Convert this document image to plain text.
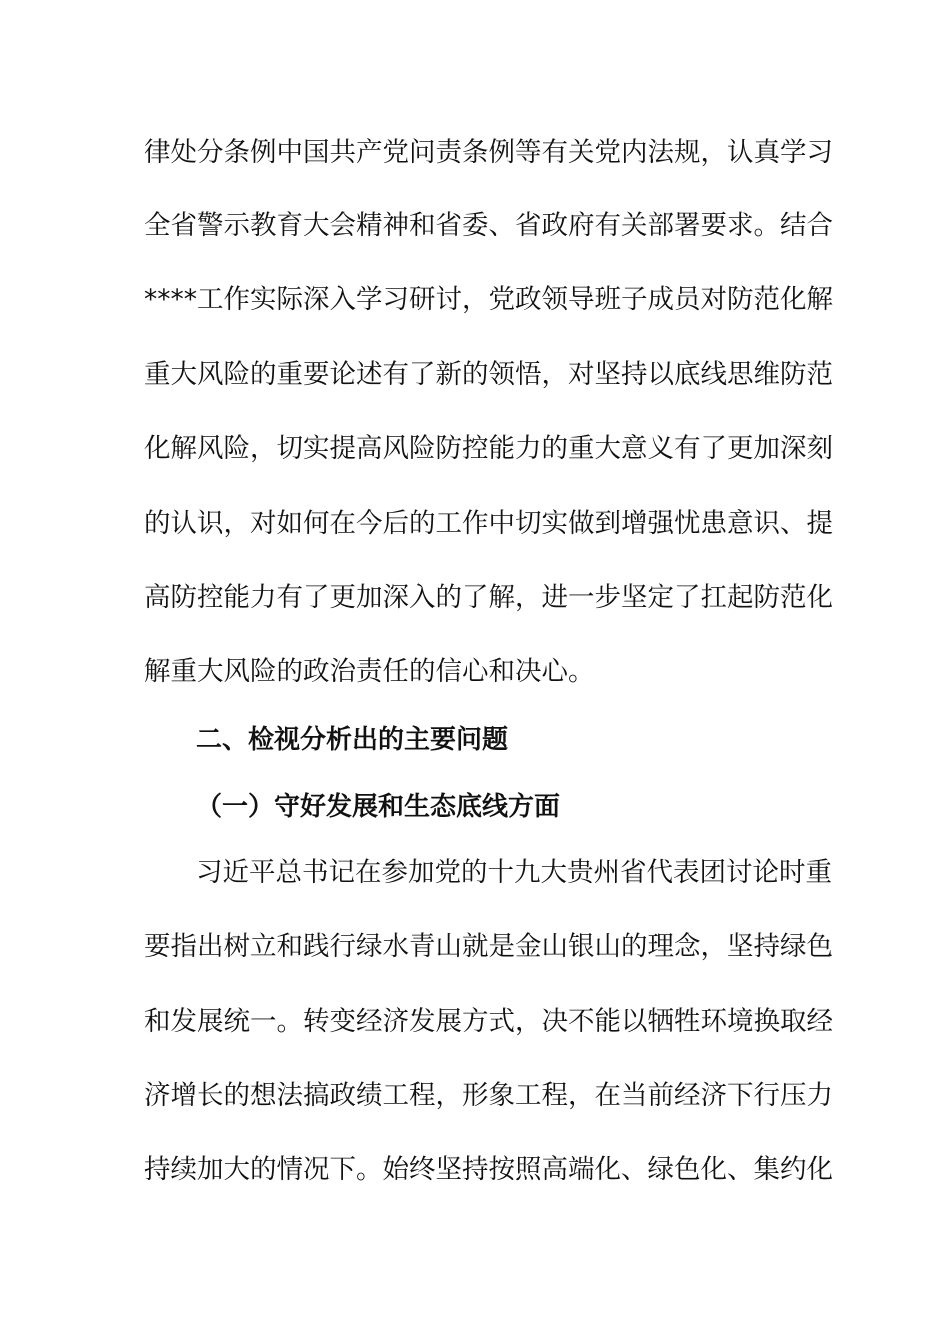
律处分条例中国共产党问责条例等有关党内法规，认真学习
全省警示教育大会精神和省委、省政府有关部署要求。结合
****工作实际深入学习研讨，党政领导班子成员对防范化解
重大风险的重要论述有了新的领悟，对坚持以底线思维防范
化解风险，切实提高风险防控能力的重大意义有了更加深刻
的认识，对如何在今后的工作中切实做到增强忧患意识、提
高防控能力有了更加深入的了解，进一步坚定了扛起防范化
解重大风险的政治责任的信心和决心。
二、检视分析出的主要问题
（一）守好发展和生态底线方面
习近平总书记在参加党的十九大贵州省代表团讨论时重
要指出树立和践行绿水青山就是金山银山的理念，坚持绿色
和发展统一。转变经济发展方式，决不能以牺牲环境换取经
济增长的想法搞政绩工程，形象工程，在当前经济下行压力
持续加大的情况下。始终坚持按照高端化、绿色化、集约化
